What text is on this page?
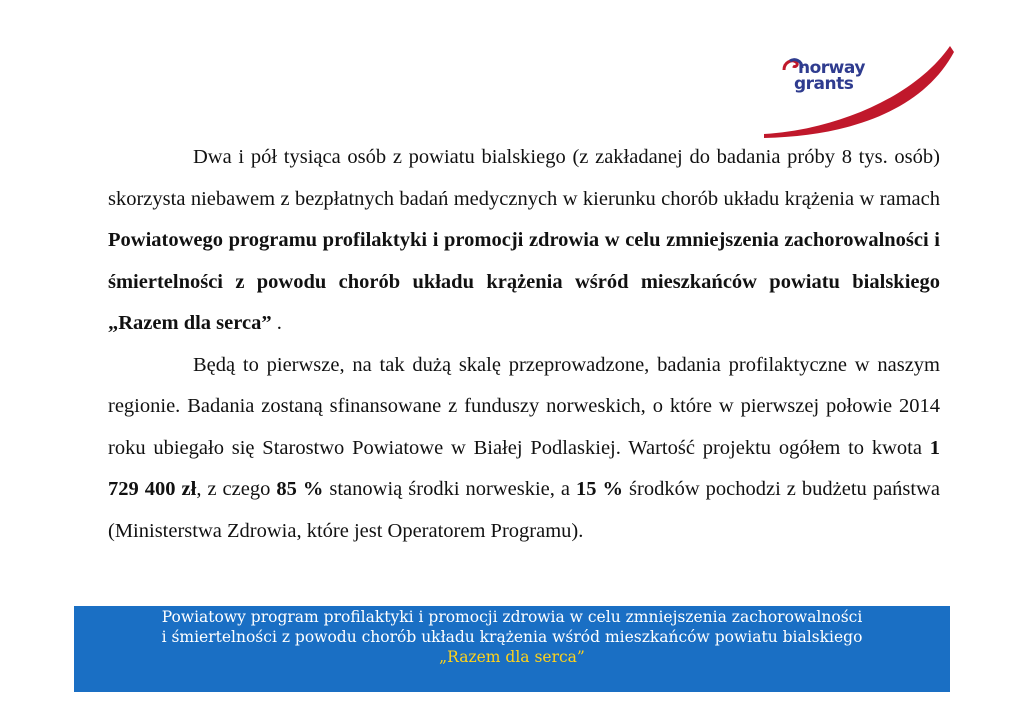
norway
grants

Dwa i pół tysiąca osób z powiatu bialskiego (z zakładanej do badania próby 8 tys. osób) skorzysta niebawem z bezpłatnych badań medycznych w kierunku chorób układu krążenia w ramach Powiatowego programu profilaktyki i promocji zdrowia w celu zmniejszenia zachorowalności i śmiertelności z powodu chorób układu krążenia wśród mieszkańców powiatu bialskiego „Razem dla serca” .

Będą to pierwsze, na tak dużą skalę przeprowadzone, badania profilaktyczne w naszym regionie. Badania zostaną sfinansowane z funduszy norweskich, o które w pierwszej połowie 2014 roku ubiegało się Starostwo Powiatowe w Białej Podlaskiej. Wartość projektu ogółem to kwota 1 729 400 zł, z czego 85 % stanowią środki norweskie, a 15 % środków pochodzi z budżetu państwa (Ministerstwa Zdrowia, które jest Operatorem Programu).

Powiatowy program profilaktyki i promocji zdrowia w celu zmniejszenia zachorowalności
i śmiertelności z powodu chorób układu krążenia wśród mieszkańców powiatu bialskiego
„Razem dla serca”
